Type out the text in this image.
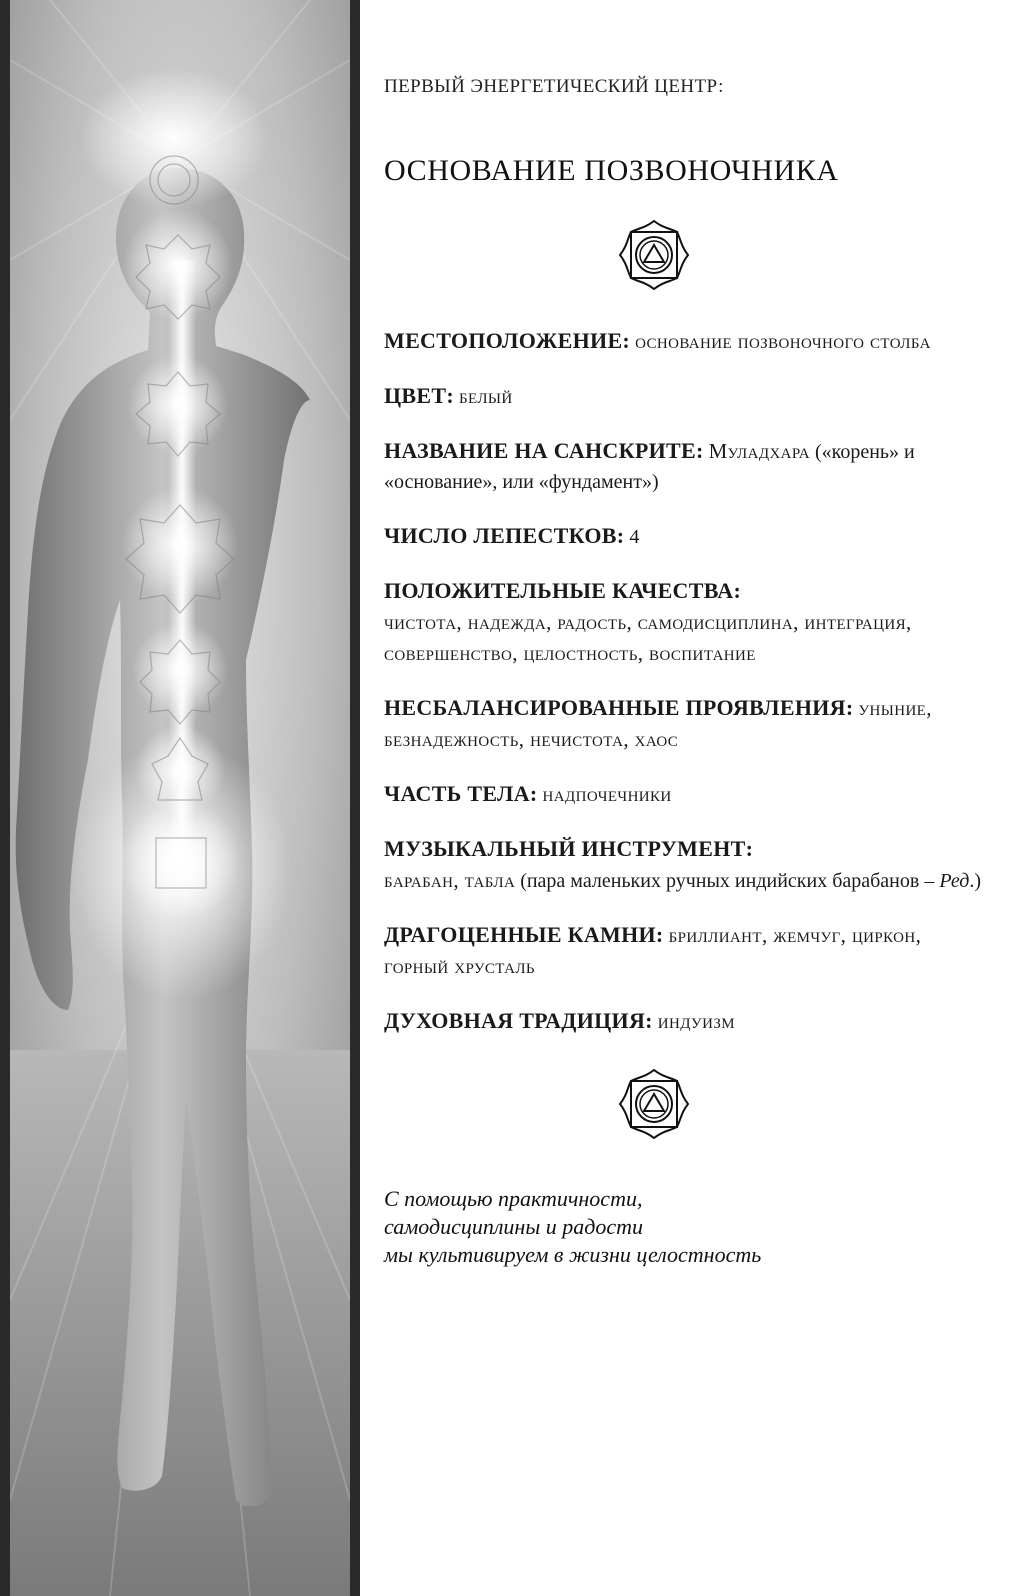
ПЕРВЫЙ ЭНЕРГЕТИЧЕСКИЙ ЦЕНТР:

ОСНОВАНИЕ ПОЗВОНОЧНИКА

МЕСТОПОЛОЖЕНИЕ: основание позвоночного столба

ЦВЕТ: белый

НАЗВАНИЕ НА САНСКРИТЕ: Муладхара («корень» и «основание», или «фундамент»)

ЧИСЛО ЛЕПЕСТКОВ: 4

ПОЛОЖИТЕЛЬНЫЕ КАЧЕСТВА:
чистота, надежда, радость, самодисциплина, интеграция, совершенство, целостность, воспитание

НЕСБАЛАНСИРОВАННЫЕ ПРОЯВЛЕНИЯ: уныние, безнадежность, нечистота, хаос

ЧАСТЬ ТЕЛА: надпочечники

МУЗЫКАЛЬНЫЙ ИНСТРУМЕНТ:
барабан, табла (пара маленьких ручных индийских барабанов – Ред.)

ДРАГОЦЕННЫЕ КАМНИ: бриллиант, жемчуг, циркон, горный хрусталь

ДУХОВНАЯ ТРАДИЦИЯ: индуизм

С помощью практичности,
самодисциплины и радости
мы культивируем в жизни целостность
